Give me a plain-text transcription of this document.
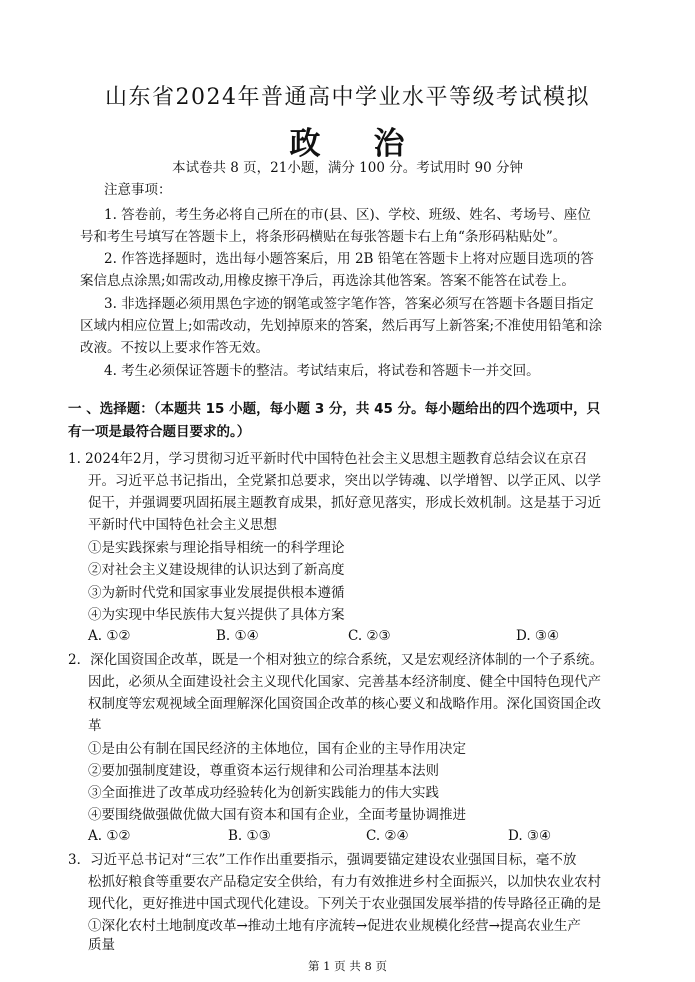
山东省2024年普通高中学业水平等级考试模拟
政 治
本试卷共 8 页，21小题，满分 100 分。考试用时 90 分钟
注意事项：
1. 答卷前，考生务必将自己所在的市(县、区)、学校、班级、姓名、考场号、座位
号和考生号填写在答题卡上，将条形码横贴在每张答题卡右上角“条形码粘贴处”。
2. 作答选择题时，选出每小题答案后，用 2B 铅笔在答题卡上将对应题目选项的答
案信息点涂黑;如需改动,用橡皮擦干净后，再选涂其他答案。答案不能答在试卷上。
3. 非选择题必须用黑色字迹的钢笔或签字笔作答，答案必须写在答题卡各题目指定
区域内相应位置上;如需改动，先划掉原来的答案，然后再写上新答案;不准使用铅笔和涂
改液。不按以上要求作答无效。
4. 考生必须保证答题卡的整洁。考试结束后，将试卷和答题卡一并交回。
一 、选择题：（本题共 15 小题，每小题 3 分，共 45 分。每小题给出的四个选项中，只
有一项是最符合题目要求的。）
1. 2024年2月，学习贯彻习近平新时代中国特色社会主义思想主题教育总结会议在京召
开。习近平总书记指出，全党紧扣总要求，突出以学铸魂、以学增智、以学正风、以学
促干，并强调要巩固拓展主题教育成果，抓好意见落实，形成长效机制。这是基于习近
平新时代中国特色社会主义思想
①是实践探索与理论指导相统一的科学理论
②对社会主义建设规律的认识达到了新高度
③为新时代党和国家事业发展提供根本遵循
④为实现中华民族伟大复兴提供了具体方案
A. ①②	B. ①④	C. ②③	D. ③④
2．深化国资国企改革，既是一个相对独立的综合系统，又是宏观经济体制的一个子系统。
因此，必须从全面建设社会主义现代化国家、完善基本经济制度、健全中国特色现代产
权制度等宏观视域全面理解深化国资国企改革的核心要义和战略作用。深化国资国企改
革
①是由公有制在国民经济的主体地位，国有企业的主导作用决定
②要加强制度建设，尊重资本运行规律和公司治理基本法则
③全面推进了改革成功经验转化为创新实践能力的伟大实践
④要围绕做强做优做大国有资本和国有企业，全面考量协调推进
A. ①②	B. ①③	C. ②④	D. ③④
3．习近平总书记对“三农”工作作出重要指示，强调要锚定建设农业强国目标，毫不放
松抓好粮食等重要农产品稳定安全供给，有力有效推进乡村全面振兴，以加快农业农村
现代化，更好推进中国式现代化建设。下列关于农业强国发展举措的传导路径正确的是
①深化农村土地制度改革→推动土地有序流转→促进农业规模化经营→提高农业生产
质量
第 1 页 共 8 页
